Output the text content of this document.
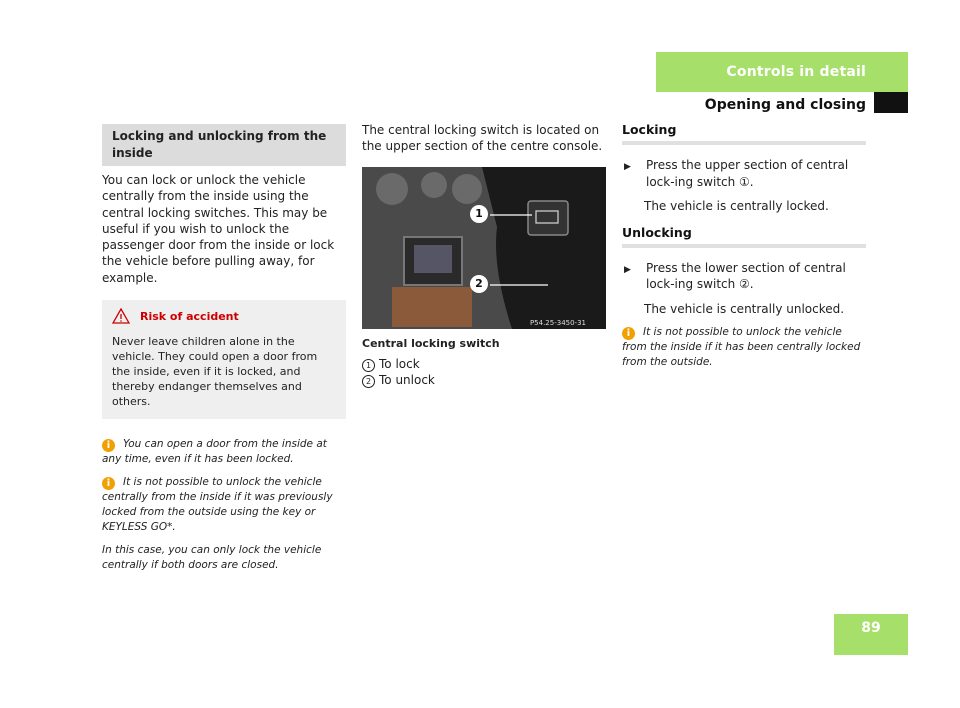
Controls in detail
Opening and closing
Locking and unlocking from the inside
You can lock or unlock the vehicle centrally from the inside using the central locking switches. This may be useful if you wish to unlock the passenger door from the inside or lock the vehicle before pulling away, for example.
Risk of accident
Never leave children alone in the vehicle. They could open a door from the inside, even if it is locked, and thereby endanger themselves and others.
i You can open a door from the inside at any time, even if it has been locked.
i It is not possible to unlock the vehicle centrally from the inside if it was previously locked from the outside using the key or KEYLESS GO*.
In this case, you can only lock the vehicle centrally if both doors are closed.
The central locking switch is located on the upper section of the centre console.
P54.25-3450-31
1
2
Central locking switch
1 To lock
2 To unlock
Locking
▶	Press the upper section of central lock-ing switch ①.
The vehicle is centrally locked.
Unlocking
▶	Press the lower section of central lock-ing switch ②.
The vehicle is centrally unlocked.
i It is not possible to unlock the vehicle from the inside if it has been centrally locked from the outside.
89
